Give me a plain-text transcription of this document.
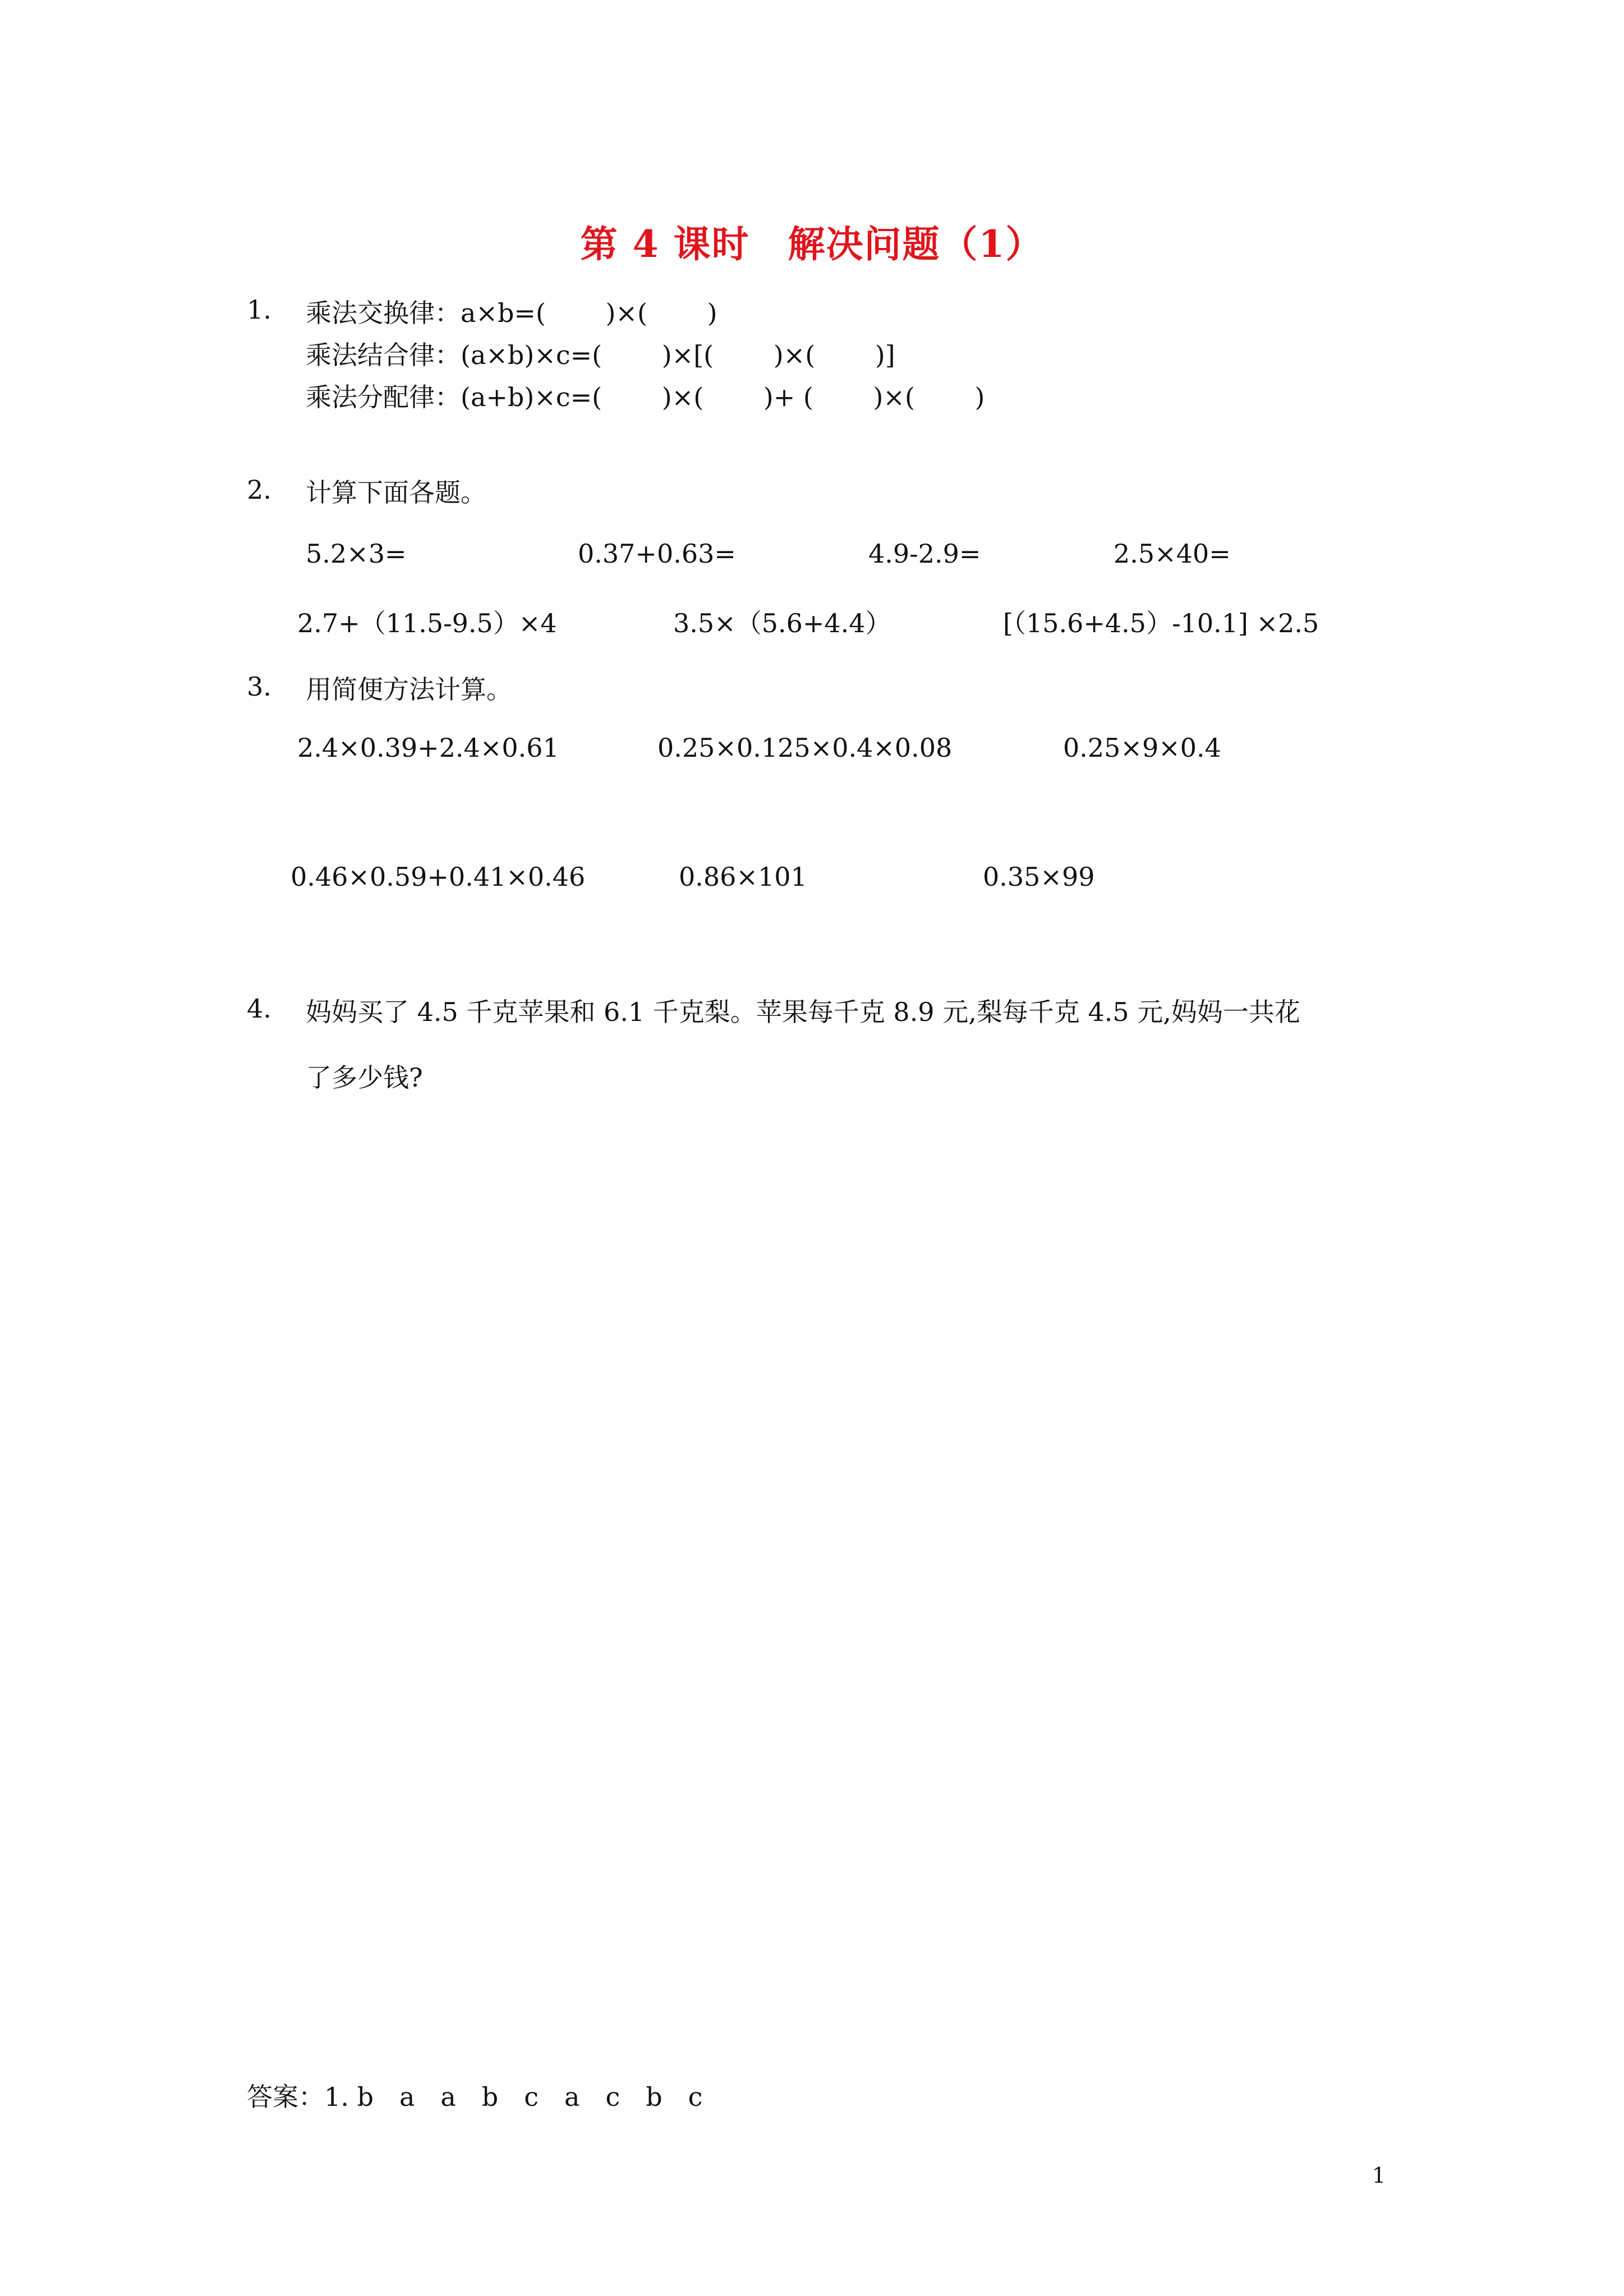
第 4 课时　解决问题（1）
1. 乘法交换律：a×b=(　　 )×(　　 )
乘法结合律：(a×b)×c=(　　 )×[(　　 )×(　　 )]
乘法分配律：(a+b)×c=(　　 )×(　　 )+ (　　 )×(　　 )
2. 计算下面各题。
5.2×3=	0.37+0.63=	4.9-2.9=	2.5×40=
2.7+（11.5-9.5）×4	3.5×（5.6+4.4）	[（15.6+4.5）-10.1] ×2.5
3. 用简便方法计算。
2.4×0.39+2.4×0.61	0.25×0.125×0.4×0.08	0.25×9×0.4
0.46×0.59+0.41×0.46	0.86×101	0.35×99
4. 妈妈买了 4.5 千克苹果和 6.1 千克梨。苹果每千克 8.9 元,梨每千克 4.5 元,妈妈一共花
了多少钱?
答案：1. b　a　a　b　c　a　c　b　c
1
